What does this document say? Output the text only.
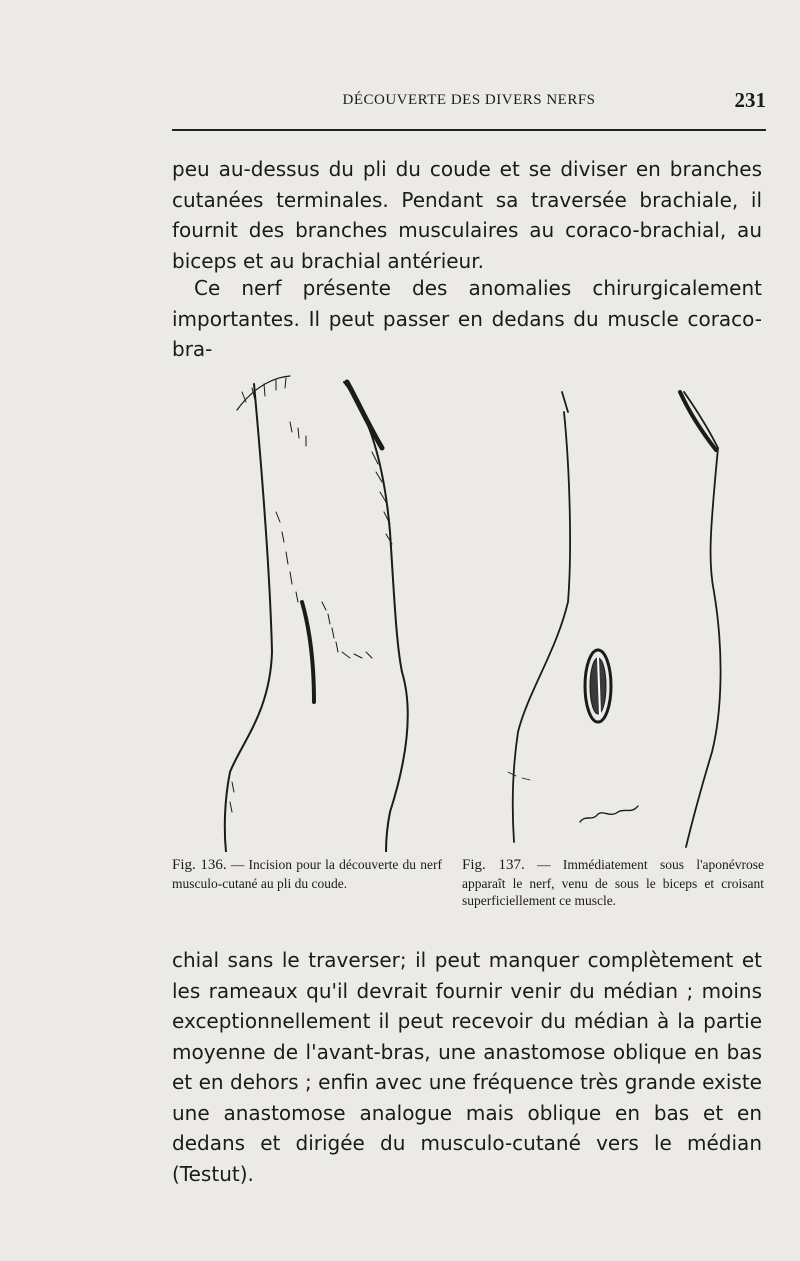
DÉCOUVERTE DES DIVERS NERFS	231

peu au-dessus du pli du coude et se diviser en branches cutanées terminales. Pendant sa traversée brachiale, il fournit des branches musculaires au coraco-brachial, au biceps et au brachial antérieur.

Ce nerf présente des anomalies chirurgicalement importantes. Il peut passer en dedans du muscle coraco-bra-

Fig. 136. — Incision pour la découverte du nerf musculo-cutané au pli du coude.
Fig. 137. — Immédiatement sous l'aponévrose apparaît le nerf, venu de sous le biceps et croisant superficiellement ce muscle.

chial sans le traverser; il peut manquer complètement et les rameaux qu'il devrait fournir venir du médian ; moins exceptionnellement il peut recevoir du médian à la partie moyenne de l'avant-bras, une anastomose oblique en bas et en dehors ; enfin avec une fréquence très grande existe une anastomose analogue mais oblique en bas et en dedans et dirigée du musculo-cutané vers le médian (Testut).
